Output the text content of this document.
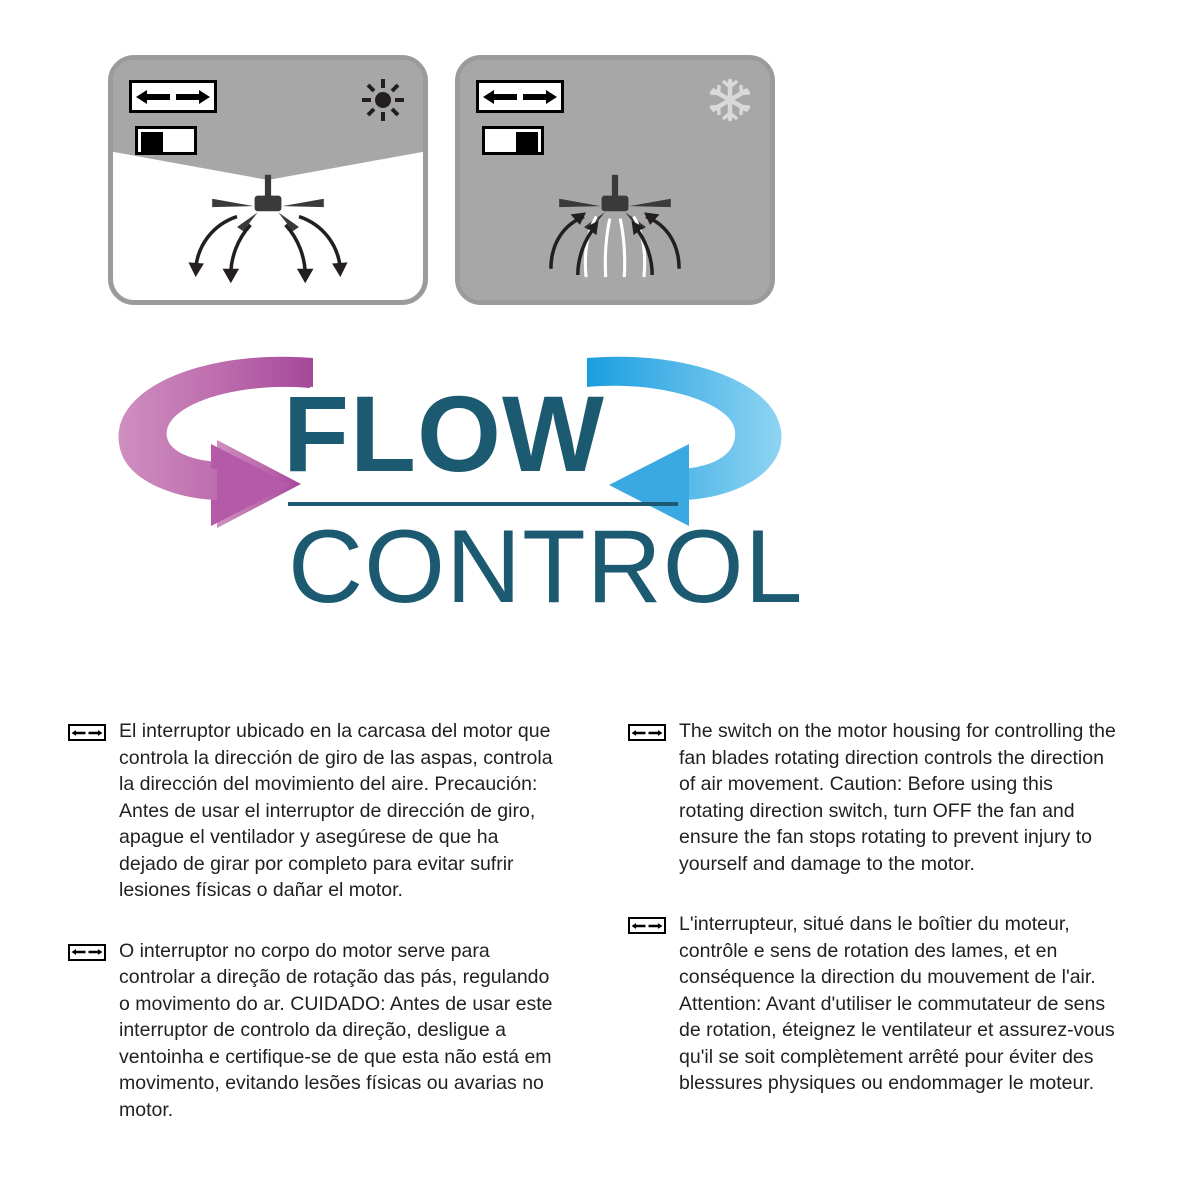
FLOW
CONTROL

El interruptor ubicado en la carcasa del motor que controla la dirección de giro de las aspas, controla la dirección del movimiento del aire. Precaución: Antes de usar el interruptor de dirección de giro, apague el ventilador y asegúrese de que ha dejado de girar por completo para evitar sufrir lesiones físicas o dañar el motor.

O interruptor no corpo do motor serve para controlar a direção de rotação das pás, regulando o movimento do ar. CUIDADO: Antes de usar este interruptor de controlo da direção, desligue a ventoinha e certifique-se de que esta não está em movimento, evitando lesões físicas ou avarias no motor.

The switch on the motor housing for controlling the fan blades rotating direction controls the direction of air movement. Caution: Before using this rotating direction switch, turn OFF the fan and ensure the fan stops rotating to prevent injury to yourself and damage to the motor.

L'interrupteur, situé dans le boîtier du moteur, contrôle e sens de rotation des lames, et en conséquence la direction du mouvement de l'air. Attention: Avant d'utiliser le commutateur de sens de rotation, éteignez le ventilateur et assurez-vous qu'il se soit complètement arrêté pour éviter des blessures physiques ou endommager le moteur.
